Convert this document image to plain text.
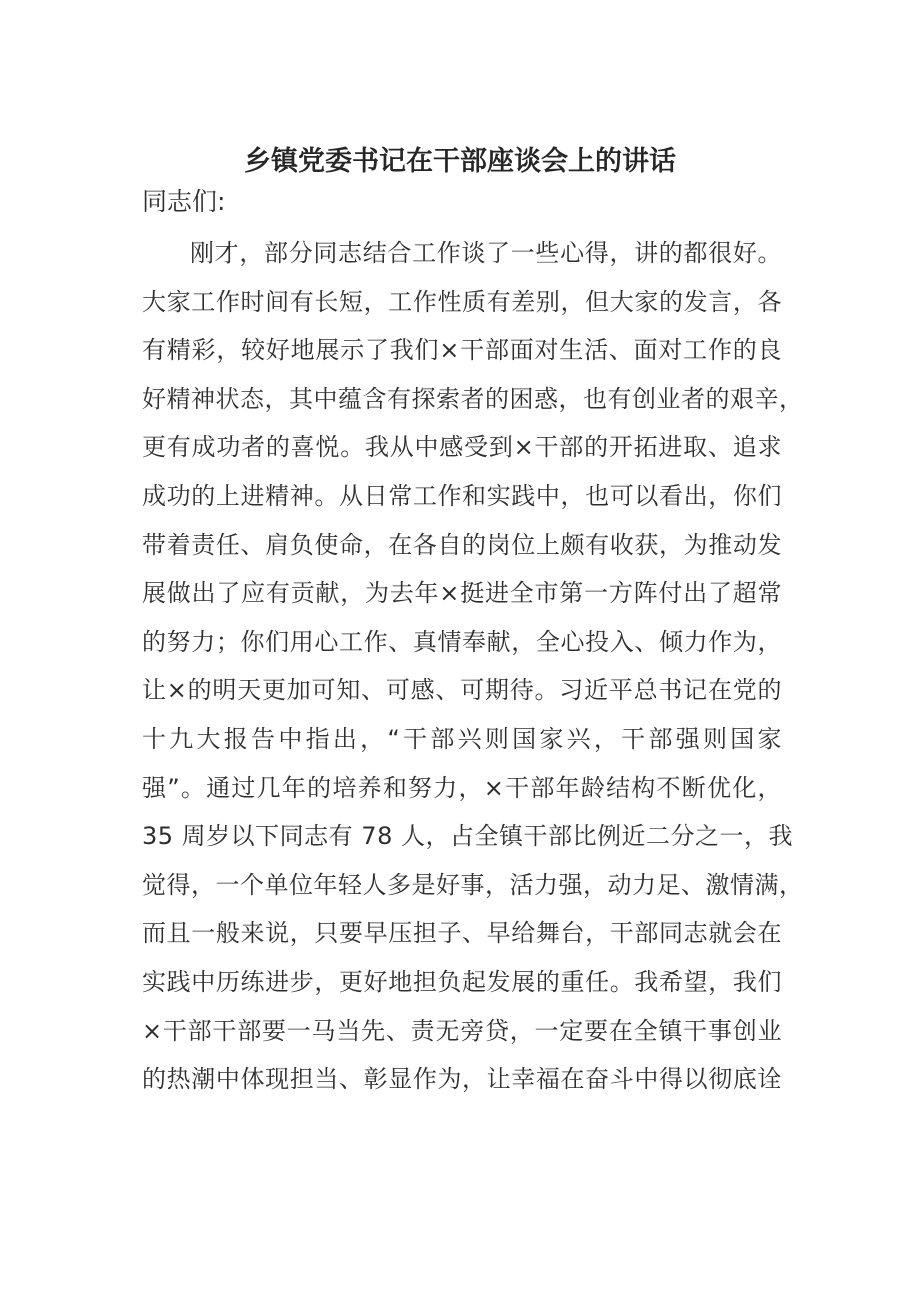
乡镇党委书记在干部座谈会上的讲话
同志们:
刚才，部分同志结合工作谈了一些心得，讲的都很好。
大家工作时间有长短，工作性质有差别，但大家的发言，各
有精彩，较好地展示了我们×干部面对生活、面对工作的良
好精神状态，其中蕴含有探索者的困惑，也有创业者的艰辛，
更有成功者的喜悦。我从中感受到×干部的开拓进取、追求
成功的上进精神。从日常工作和实践中，也可以看出，你们
带着责任、肩负使命，在各自的岗位上颇有收获，为推动发
展做出了应有贡献，为去年×挺进全市第一方阵付出了超常
的努力；你们用心工作、真情奉献，全心投入、倾力作为，
让×的明天更加可知、可感、可期待。习近平总书记在党的
十九大报告中指出，“干部兴则国家兴，干部强则国家
强”。通过几年的培养和努力，×干部年龄结构不断优化，
35 周岁以下同志有 78 人，占全镇干部比例近二分之一，我
觉得，一个单位年轻人多是好事，活力强，动力足、激情满，
而且一般来说，只要早压担子、早给舞台，干部同志就会在
实践中历练进步，更好地担负起发展的重任。我希望，我们
×干部干部要一马当先、责无旁贷，一定要在全镇干事创业
的热潮中体现担当、彰显作为，让幸福在奋斗中得以彻底诠
